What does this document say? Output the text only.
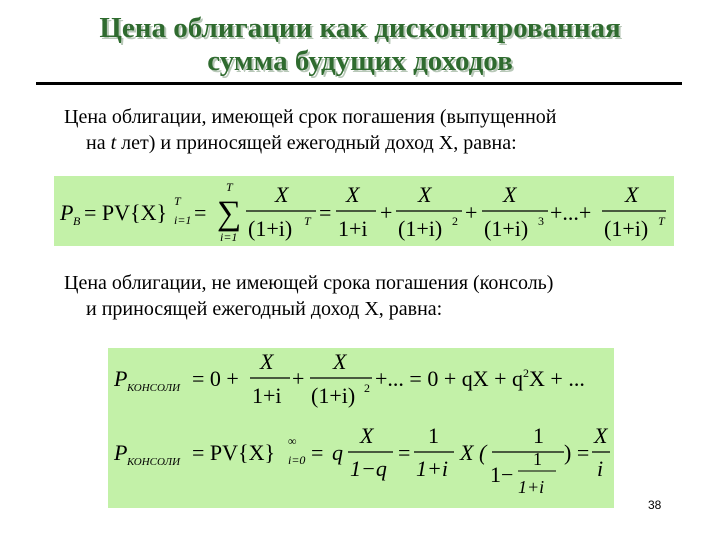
Цена облигации как дисконтированная
сумма будущих доходов
Цена облигации, имеющей срок погашения (выпущенной
на t лет) и приносящей ежегодный доход X, равна:
P B = PV{X} T
i=1 = ∑
T
i=1
X
(1+i) T =
X
1+i
+
X
(1+i) 2 +
X
(1+i) 3 +...+
X
(1+i) T
Цена облигации, не имеющей срока погашения (консоль)
и приносящей ежегодный доход X, равна:
P КОНСОЛИ = 0 +
X
1+i
+
X
(1+i) 2 +... = 0 + qX + $q^2X$ + ...
P КОНСОЛИ = PV{X} ∞
i=0 = q
X
1−q
=
1
1+i
X (
1
1−
1
1+i
) =
X
i
38
